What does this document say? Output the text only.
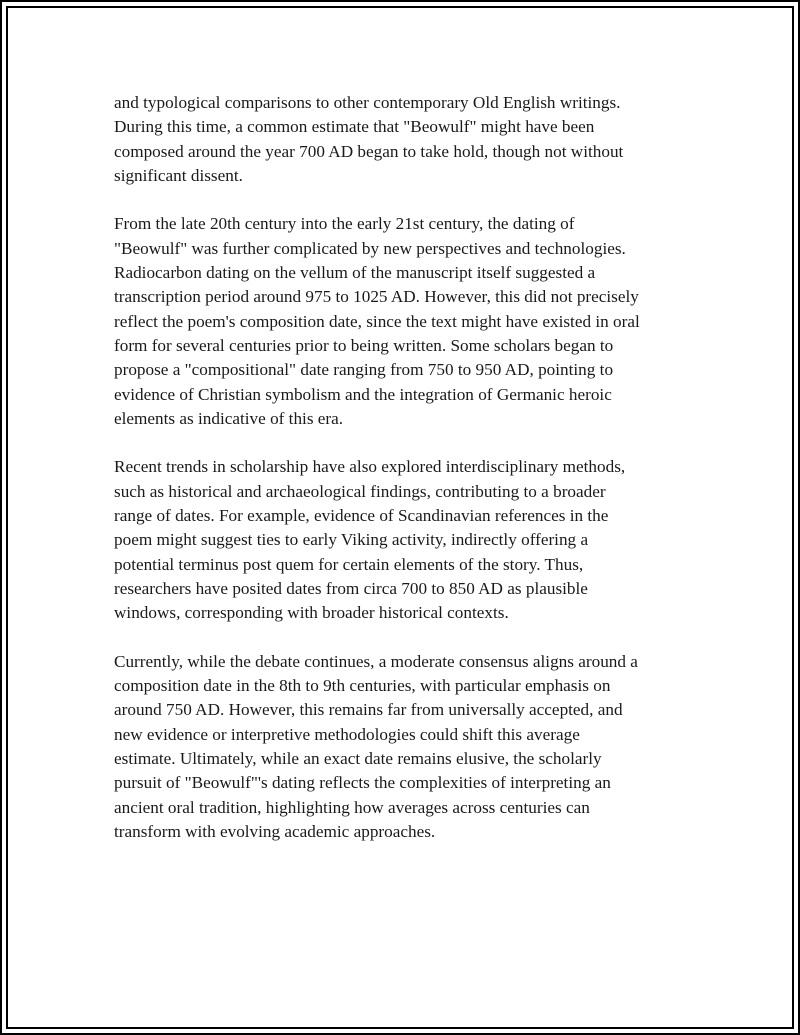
and typological comparisons to other contemporary Old English writings.
During this time, a common estimate that "Beowulf" might have been
composed around the year 700 AD began to take hold, though not without
significant dissent.

From the late 20th century into the early 21st century, the dating of
"Beowulf" was further complicated by new perspectives and technologies.
Radiocarbon dating on the vellum of the manuscript itself suggested a
transcription period around 975 to 1025 AD. However, this did not precisely
reflect the poem's composition date, since the text might have existed in oral
form for several centuries prior to being written. Some scholars began to
propose a "compositional" date ranging from 750 to 950 AD, pointing to
evidence of Christian symbolism and the integration of Germanic heroic
elements as indicative of this era.

Recent trends in scholarship have also explored interdisciplinary methods,
such as historical and archaeological findings, contributing to a broader
range of dates. For example, evidence of Scandinavian references in the
poem might suggest ties to early Viking activity, indirectly offering a
potential terminus post quem for certain elements of the story. Thus,
researchers have posited dates from circa 700 to 850 AD as plausible
windows, corresponding with broader historical contexts.

Currently, while the debate continues, a moderate consensus aligns around a
composition date in the 8th to 9th centuries, with particular emphasis on
around 750 AD. However, this remains far from universally accepted, and
new evidence or interpretive methodologies could shift this average
estimate. Ultimately, while an exact date remains elusive, the scholarly
pursuit of "Beowulf"'s dating reflects the complexities of interpreting an
ancient oral tradition, highlighting how averages across centuries can
transform with evolving academic approaches.
